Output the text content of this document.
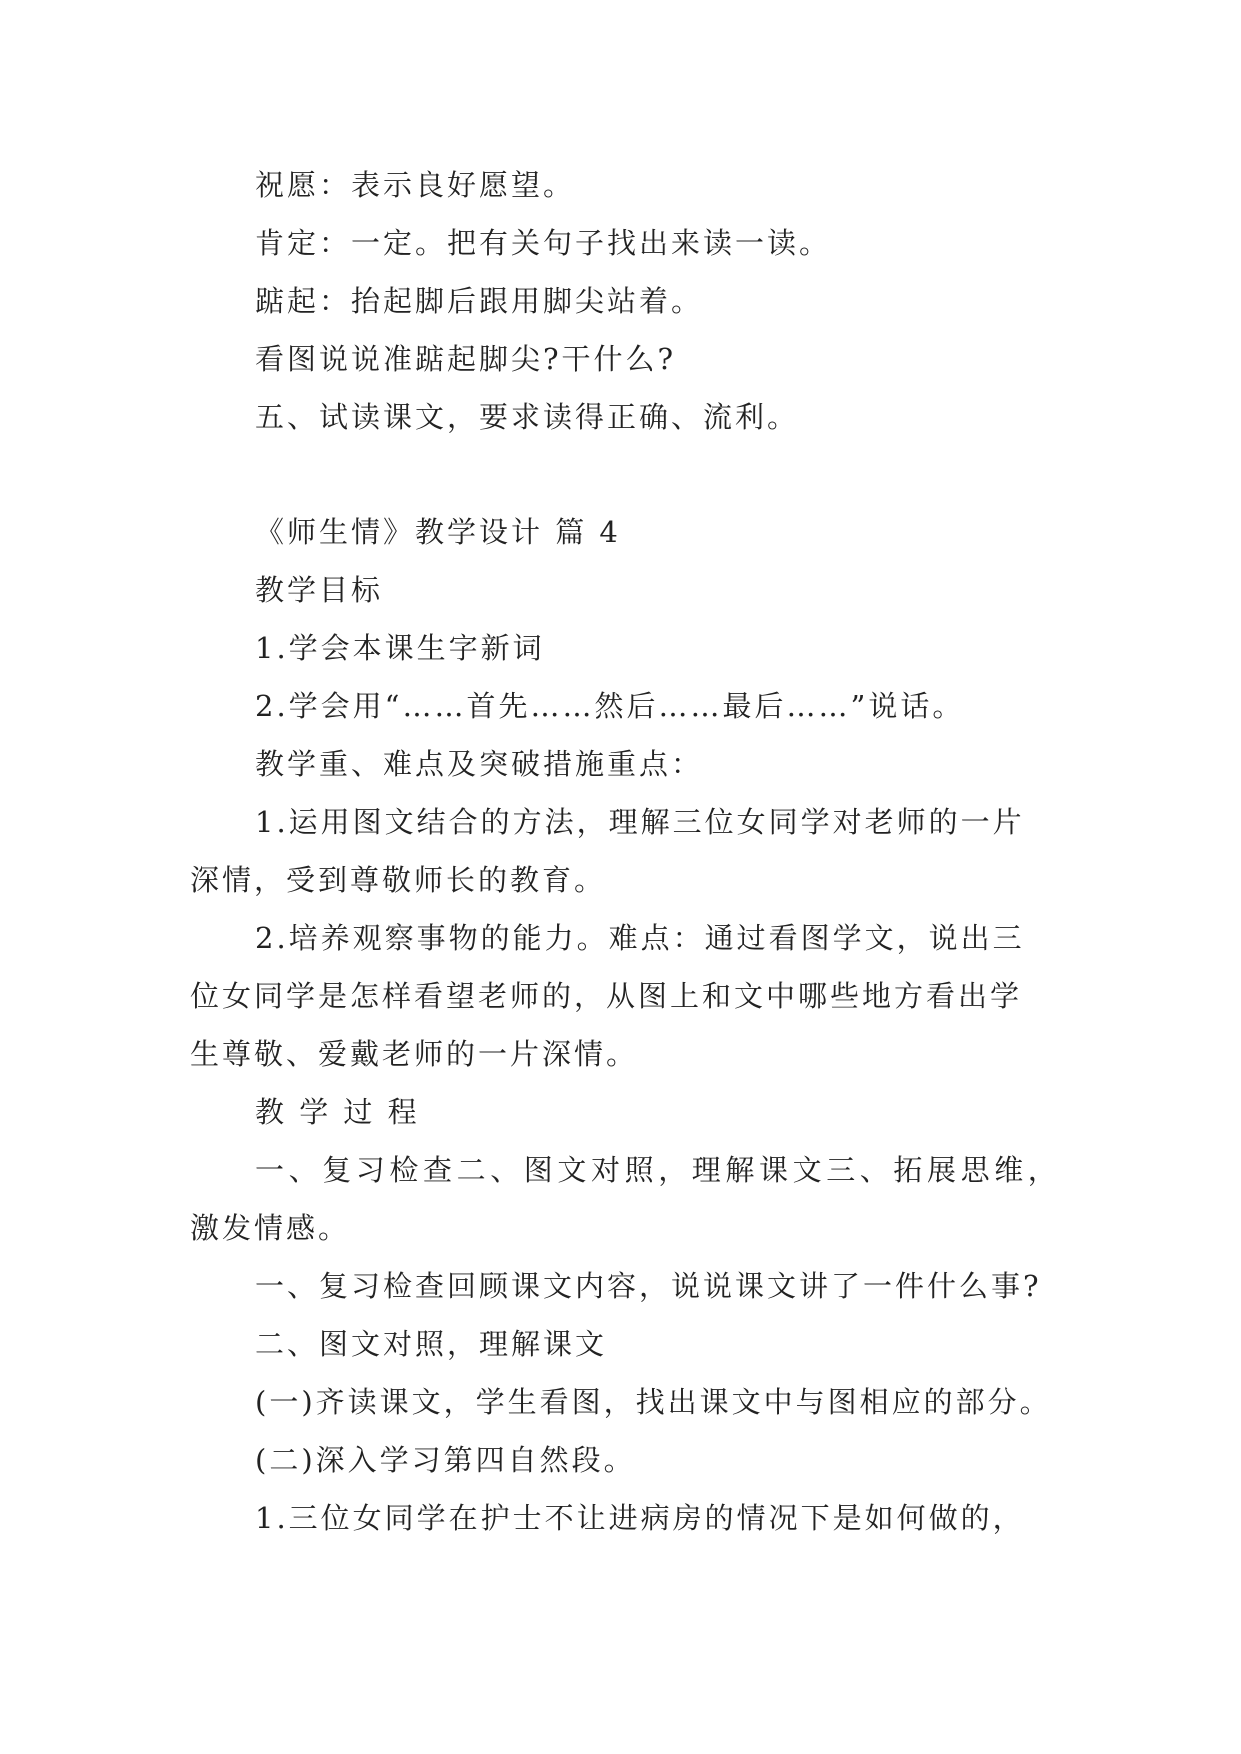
祝愿：表示良好愿望。
肯定：一定。把有关句子找出来读一读。
踮起：抬起脚后跟用脚尖站着。
看图说说准踮起脚尖?干什么?
五、试读课文，要求读得正确、流利。
《师生情》教学设计 篇 4
教学目标
1.学会本课生字新词
2.学会用“……首先……然后……最后……”说话。
教学重、难点及突破措施重点：
1.运用图文结合的方法，理解三位女同学对老师的一片
深情，受到尊敬师长的教育。
2.培养观察事物的能力。难点：通过看图学文，说出三
位女同学是怎样看望老师的，从图上和文中哪些地方看出学
生尊敬、爱戴老师的一片深情。
教 学 过 程
一、复习检查二、图文对照，理解课文三、拓展思维，
激发情感。
一、复习检查回顾课文内容，说说课文讲了一件什么事?
二、图文对照，理解课文
(一)齐读课文，学生看图，找出课文中与图相应的部分。
(二)深入学习第四自然段。
1.三位女同学在护士不让进病房的情况下是如何做的，
